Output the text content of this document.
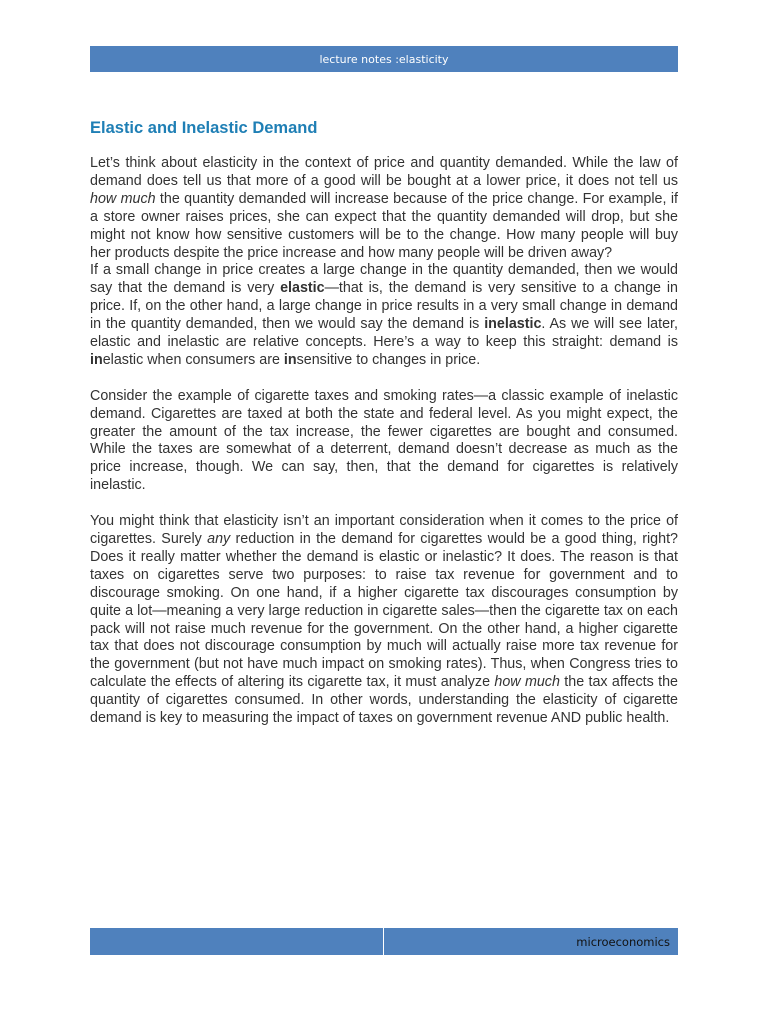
lecture notes :elasticity
Elastic and Inelastic Demand

Let’s think about elasticity in the context of price and quantity demanded. While the law of demand does tell us that more of a good will be bought at a lower price, it does not tell us how much the quantity demanded will increase because of the price change. For example, if a store owner raises prices, she can expect that the quantity demanded will drop, but she might not know how sensitive customers will be to the change. How many people will buy her products despite the price increase and how many people will be driven away?

If a small change in price creates a large change in the quantity demanded, then we would say that the demand is very elastic—that is, the demand is very sensitive to a change in price. If, on the other hand, a large change in price results in a very small change in demand in the quantity demanded, then we would say the demand is inelastic. As we will see later, elastic and inelastic are relative concepts. Here’s a way to keep this straight: demand is inelastic when consumers are insensitive to changes in price.

Consider the example of cigarette taxes and smoking rates—a classic example of inelastic demand. Cigarettes are taxed at both the state and federal level. As you might expect, the greater the amount of the tax increase, the fewer cigarettes are bought and consumed. While the taxes are somewhat of a deterrent, demand doesn’t decrease as much as the price increase, though. We can say, then, that the demand for cigarettes is relatively inelastic.

You might think that elasticity isn’t an important consideration when it comes to the price of cigarettes. Surely any reduction in the demand for cigarettes would be a good thing, right? Does it really matter whether the demand is elastic or inelastic? It does. The reason is that taxes on cigarettes serve two purposes: to raise tax revenue for government and to discourage smoking. On one hand, if a higher cigarette tax discourages consumption by quite a lot—meaning a very large reduction in cigarette sales—then the cigarette tax on each pack will not raise much revenue for the government. On the other hand, a higher cigarette tax that does not discourage consumption by much will actually raise more tax revenue for the government (but not have much impact on smoking rates). Thus, when Congress tries to calculate the effects of altering its cigarette tax, it must analyze how much the tax affects the quantity of cigarettes consumed. In other words, understanding the elasticity of cigarette demand is key to measuring the impact of taxes on government revenue AND public health.

microeconomics
